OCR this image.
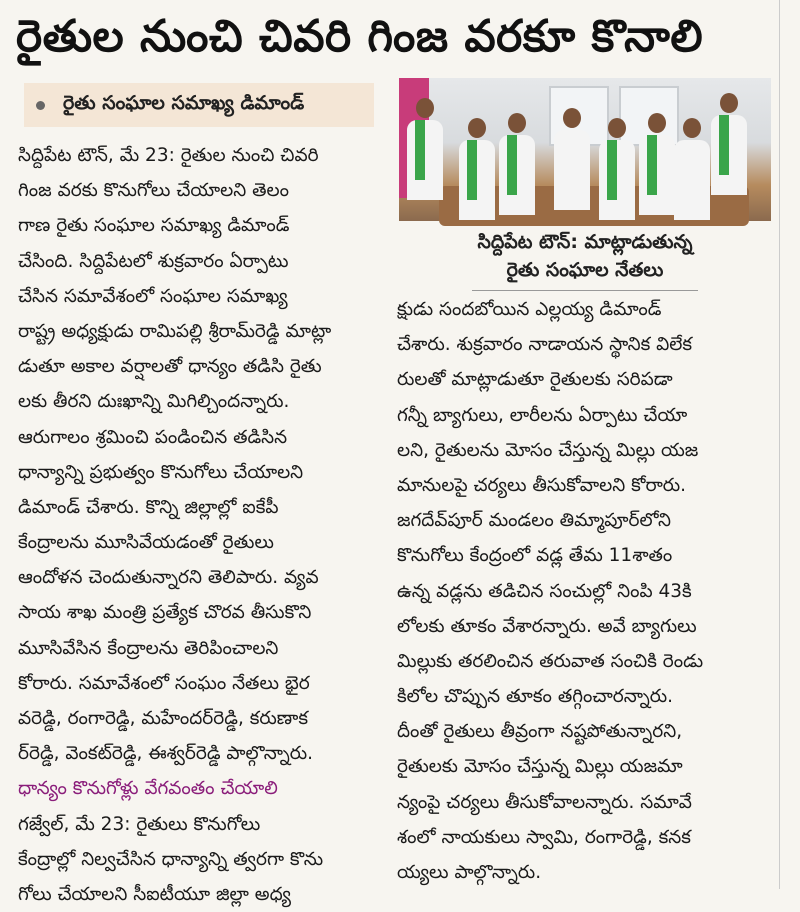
రైతుల నుంచి చివరి గింజ వరకూ కొనాలి
రైతు సంఘాల సమాఖ్య డిమాండ్
సిద్దిపేట టౌన్, మే 23: రైతుల నుంచి చివరి
గింజ వరకు కొనుగోలు చేయాలని తెలం
గాణ రైతు సంఘాల సమాఖ్య డిమాండ్
చేసింది. సిద్దిపేటలో శుక్రవారం ఏర్పాటు
చేసిన సమావేశంలో సంఘాల సమాఖ్య
రాష్ట్ర అధ్యక్షుడు రామిపల్లి శ్రీరామ్‌రెడ్డి మాట్లా
డుతూ అకాల వర్షాలతో ధాన్యం తడిసి రైతు
లకు తీరని దుఃఖాన్ని మిగిల్చిందన్నారు.
ఆరుగాలం శ్రమించి పండించిన తడిసిన
ధాన్యాన్ని ప్రభుత్వం కొనుగోలు చేయాలని
డిమాండ్ చేశారు. కొన్ని జిల్లాల్లో ఐకేపీ
కేంద్రాలను మూసివేయడంతో రైతులు
ఆందోళన చెందుతున్నారని తెలిపారు. వ్యవ
సాయ శాఖ మంత్రి ప్రత్యేక చొరవ తీసుకొని
మూసివేసిన కేంద్రాలను తెరిపించాలని
కోరారు. సమావేశంలో సంఘం నేతలు భైర
వరెడ్డి, రంగారెడ్డి, మహేందర్‌రెడ్డి, కరుణాక
ర్‌రెడ్డి, వెంకట్‌రెడ్డి, ఈశ్వర్‌రెడ్డి పాల్గొన్నారు.
ధాన్యం కొనుగోళ్లు వేగవంతం చేయాలి
గజ్వేల్, మే 23: రైతులు కొనుగోలు
కేంద్రాల్లో నిల్వచేసిన ధాన్యాన్ని త్వరగా కొను
గోలు చేయాలని సీఐటీయూ జిల్లా అధ్య
సిద్దిపేట టౌన్: మాట్లాడుతున్న
రైతు సంఘాల నేతలు
క్షుడు సందబోయిన ఎల్లయ్య డిమాండ్
చేశారు. శుక్రవారం నాడాయన స్థానిక విలేక
రులతో మాట్లాడుతూ రైతులకు సరిపడా
గన్నీ బ్యాగులు, లారీలను ఏర్పాటు చేయా
లని, రైతులను మోసం చేస్తున్న మిల్లు యజ
మానులపై చర్యలు తీసుకోవాలని కోరారు.
జగదేవ్‌పూర్ మండలం తిమ్మాపూర్‌లోని
కొనుగోలు కేంద్రంలో వడ్ల తేమ 11శాతం
ఉన్న వడ్లను తడిచిన సంచుల్లో నింపి 43కి
లోలకు తూకం వేశారన్నారు. అవే బ్యాగులు
మిల్లుకు తరలించిన తరువాత సంచికి రెండు
కిలోల చొప్పున తూకం తగ్గించారన్నారు.
దీంతో రైతులు తీవ్రంగా నష్టపోతున్నారని,
రైతులకు మోసం చేస్తున్న మిల్లు యజమా
న్యంపై చర్యలు తీసుకోవాలన్నారు. సమావే
శంలో నాయకులు స్వామి, రంగారెడ్డి, కనక
య్యలు పాల్గొన్నారు.
